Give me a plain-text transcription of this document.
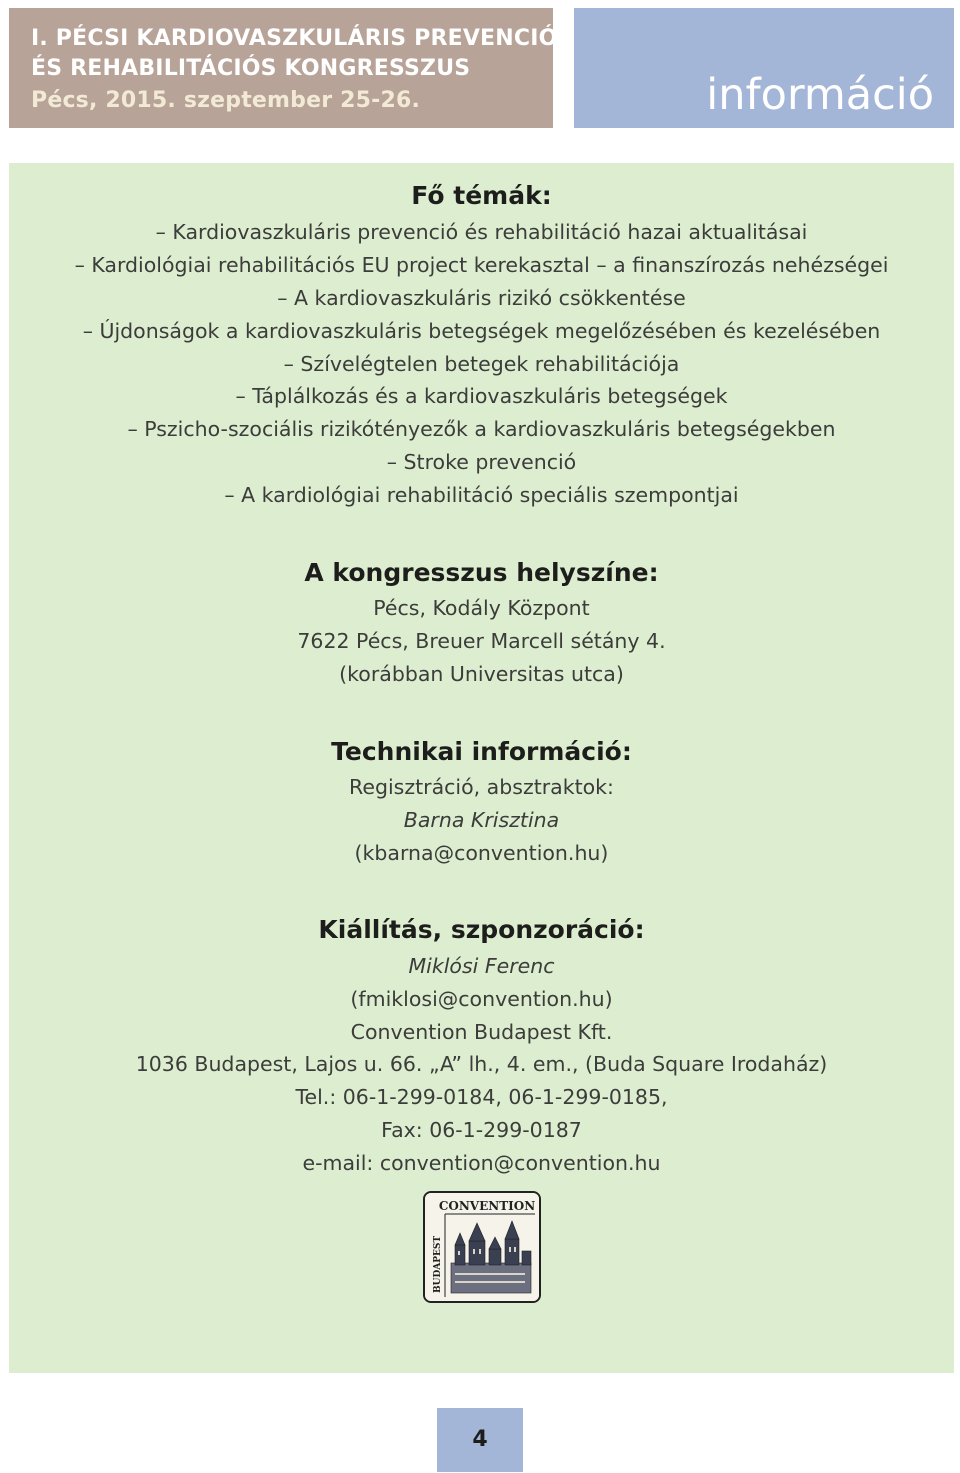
I. PÉCSI KARDIOVASZKULÁRIS PREVENCIÓS
ÉS REHABILITÁCIÓS KONGRESSZUS
Pécs, 2015. szeptember 25-26.	információ
Fő témák:
– Kardiovaszkuláris prevenció és rehabilitáció hazai aktualitásai
– Kardiológiai rehabilitációs EU project kerekasztal – a finanszírozás nehézségei
– A kardiovaszkuláris rizikó csökkentése
– Újdonságok a kardiovaszkuláris betegségek megelőzésében és kezelésében
– Szívelégtelen betegek rehabilitációja
– Táplálkozás és a kardiovaszkuláris betegségek
– Pszicho-szociális rizikótényezők a kardiovaszkuláris betegségekben
– Stroke prevenció
– A kardiológiai rehabilitáció speciális szempontjai
A kongresszus helyszíne:
Pécs, Kodály Központ
7622 Pécs, Breuer Marcell sétány 4.
(korábban Universitas utca)
Technikai információ:
Regisztráció, absztraktok:
Barna Krisztina
(kbarna@convention.hu)
Kiállítás, szponzoráció:
Miklósi Ferenc
(fmiklosi@convention.hu)
Convention Budapest Kft.
1036 Budapest, Lajos u. 66. „A” lh., 4. em., (Buda Square Irodaház)
Tel.: 06-1-299-0184, 06-1-299-0185,
Fax: 06-1-299-0187
e-mail: convention@convention.hu
CONVENTION
BUDAPEST
4
